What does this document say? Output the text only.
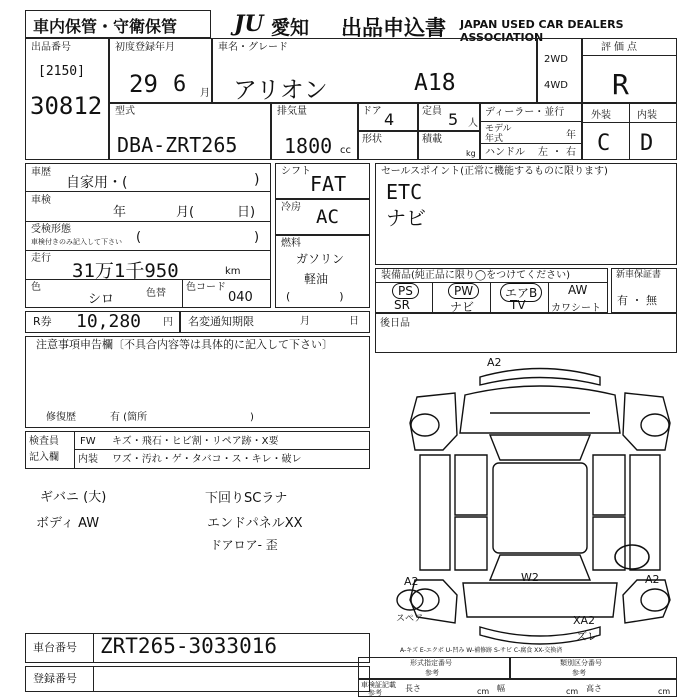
車内保管・守衛保管	JU 愛知 出品申込書 JAPAN USED CAR DEALERS ASSOCIATION
出品番号
[2150]
30812
初度登録年月
29 6 月
車名・グレード
アリオン	A18
2WD
4WD
評価点
R
外装	内装
C D
型式
DBA-ZRT265
排気量
1800 cc
ドア 4	定員 5 人
形状	積載
kg
ディーラー・並行
モデル年式	年
ハンドル 左 ・ 右
車歴
自家用・(	)
車検
年	月(	日)
受検形態
車検付きのみ記入して下さい (	)
走行
31万1千950	km
色
シロ	色替
色コード
040
シフト
FAT
冷房 AC
燃料
ガソリン
軽油
(              )
セールスポイント(正常に機能するものに限ります)
ETC
ナビ
装備品(純正品に限り◯をつけてください)
PS	PW	エアB	AW
SR	ナビ	TV	カワシート
新車保証書
有 ・ 無
R券 10,280 円 名変通知期限	月	日 後日品
注意事項申告欄〔不具合内容等は具体的に記入して下さい〕
修復歴	有 (箇所	)
検査員
記入欄
FW キズ・飛石・ヒビ割・リペア跡・X要
内装 ワズ・汚れ・ゲ・タバコ・ス・キレ・破レ
ギバニ (大)
ボディ AW
下回りSCラナ
エンドパネルXX
ドアロア- 歪
スペア
A2
A2	W2	A2
XA2
ズレ
A-キズ E-エクボ U-凹み W-補修跡 S-サビ C-腐食 XX-交換済
車台番号 ZRT265-3033016
登録番号
形式指定番号
参考
類別区分番号
参考
車検証記載
参考	長さ	cm 幅	cm 高さ	cm
